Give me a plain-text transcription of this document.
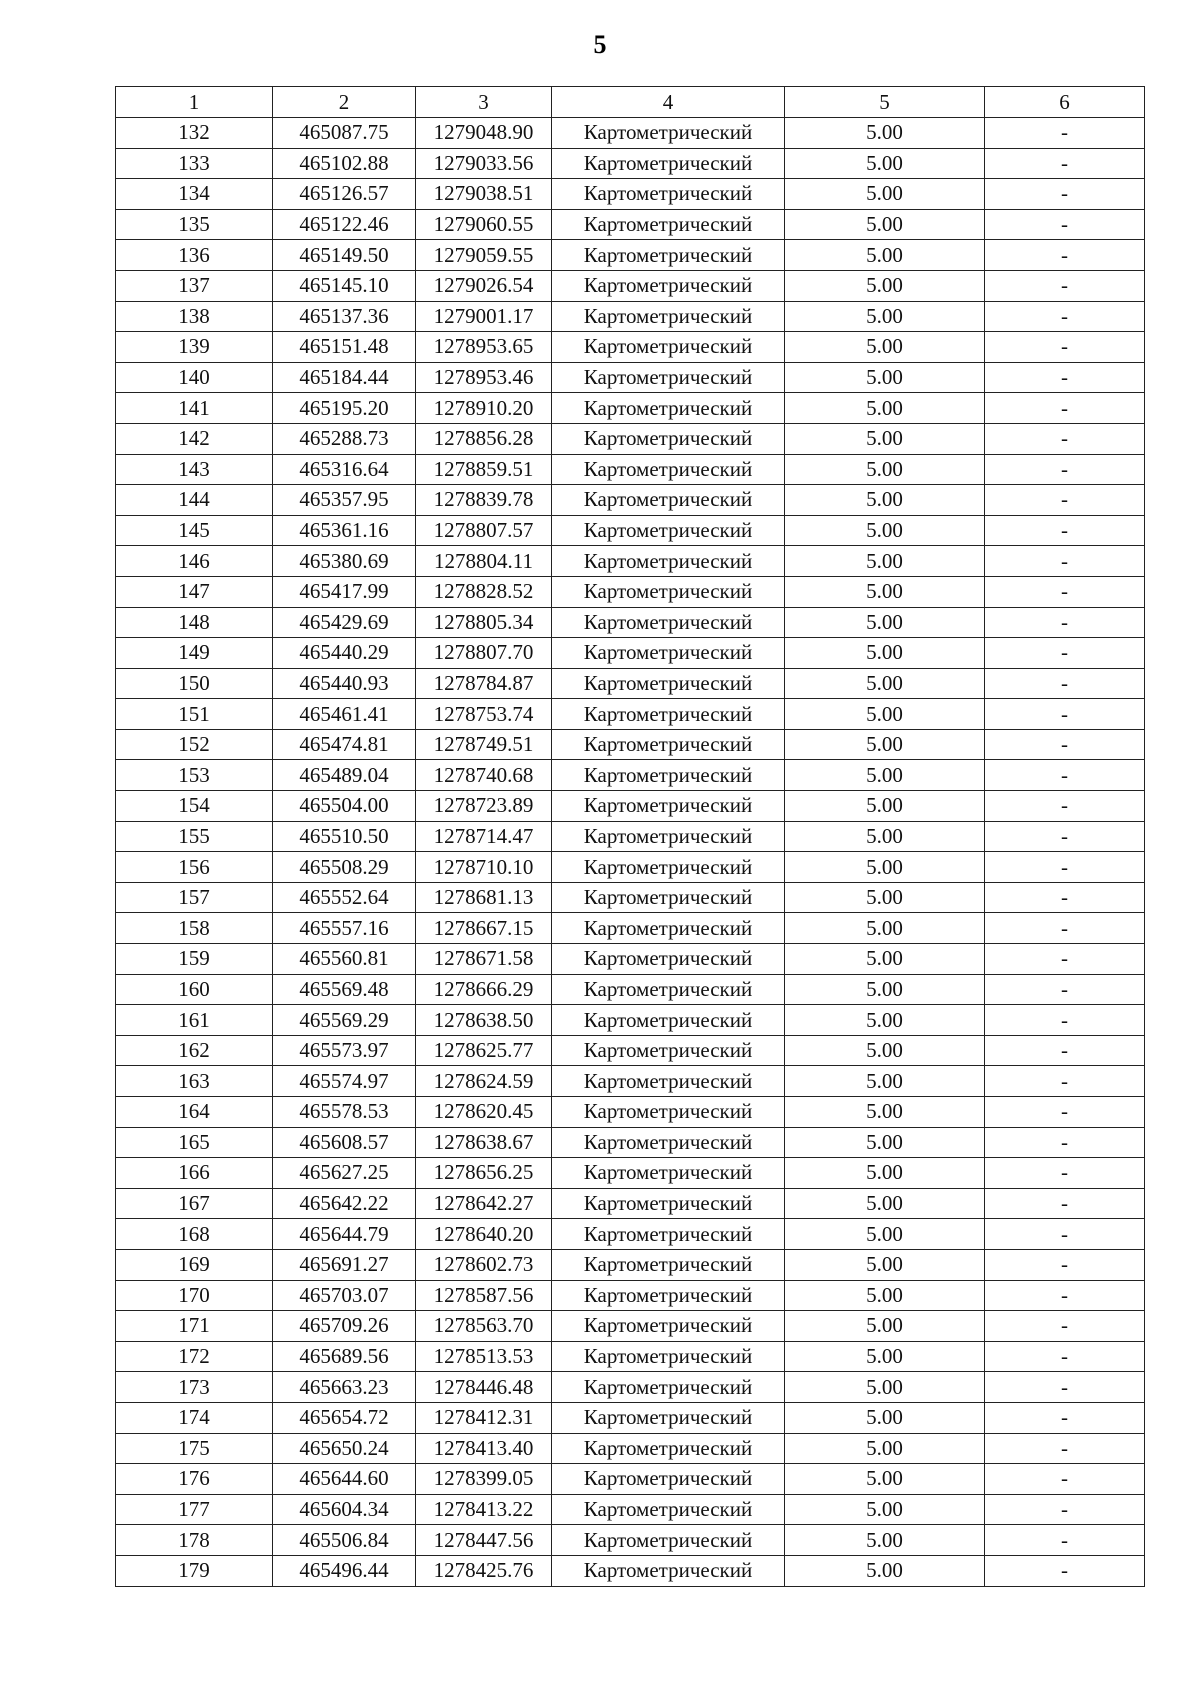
5
1	2	3	4	5	6
132	465087.75	1279048.90	Картометрический	5.00	-
133	465102.88	1279033.56	Картометрический	5.00	-
134	465126.57	1279038.51	Картометрический	5.00	-
135	465122.46	1279060.55	Картометрический	5.00	-
136	465149.50	1279059.55	Картометрический	5.00	-
137	465145.10	1279026.54	Картометрический	5.00	-
138	465137.36	1279001.17	Картометрический	5.00	-
139	465151.48	1278953.65	Картометрический	5.00	-
140	465184.44	1278953.46	Картометрический	5.00	-
141	465195.20	1278910.20	Картометрический	5.00	-
142	465288.73	1278856.28	Картометрический	5.00	-
143	465316.64	1278859.51	Картометрический	5.00	-
144	465357.95	1278839.78	Картометрический	5.00	-
145	465361.16	1278807.57	Картометрический	5.00	-
146	465380.69	1278804.11	Картометрический	5.00	-
147	465417.99	1278828.52	Картометрический	5.00	-
148	465429.69	1278805.34	Картометрический	5.00	-
149	465440.29	1278807.70	Картометрический	5.00	-
150	465440.93	1278784.87	Картометрический	5.00	-
151	465461.41	1278753.74	Картометрический	5.00	-
152	465474.81	1278749.51	Картометрический	5.00	-
153	465489.04	1278740.68	Картометрический	5.00	-
154	465504.00	1278723.89	Картометрический	5.00	-
155	465510.50	1278714.47	Картометрический	5.00	-
156	465508.29	1278710.10	Картометрический	5.00	-
157	465552.64	1278681.13	Картометрический	5.00	-
158	465557.16	1278667.15	Картометрический	5.00	-
159	465560.81	1278671.58	Картометрический	5.00	-
160	465569.48	1278666.29	Картометрический	5.00	-
161	465569.29	1278638.50	Картометрический	5.00	-
162	465573.97	1278625.77	Картометрический	5.00	-
163	465574.97	1278624.59	Картометрический	5.00	-
164	465578.53	1278620.45	Картометрический	5.00	-
165	465608.57	1278638.67	Картометрический	5.00	-
166	465627.25	1278656.25	Картометрический	5.00	-
167	465642.22	1278642.27	Картометрический	5.00	-
168	465644.79	1278640.20	Картометрический	5.00	-
169	465691.27	1278602.73	Картометрический	5.00	-
170	465703.07	1278587.56	Картометрический	5.00	-
171	465709.26	1278563.70	Картометрический	5.00	-
172	465689.56	1278513.53	Картометрический	5.00	-
173	465663.23	1278446.48	Картометрический	5.00	-
174	465654.72	1278412.31	Картометрический	5.00	-
175	465650.24	1278413.40	Картометрический	5.00	-
176	465644.60	1278399.05	Картометрический	5.00	-
177	465604.34	1278413.22	Картометрический	5.00	-
178	465506.84	1278447.56	Картометрический	5.00	-
179	465496.44	1278425.76	Картометрический	5.00	-
